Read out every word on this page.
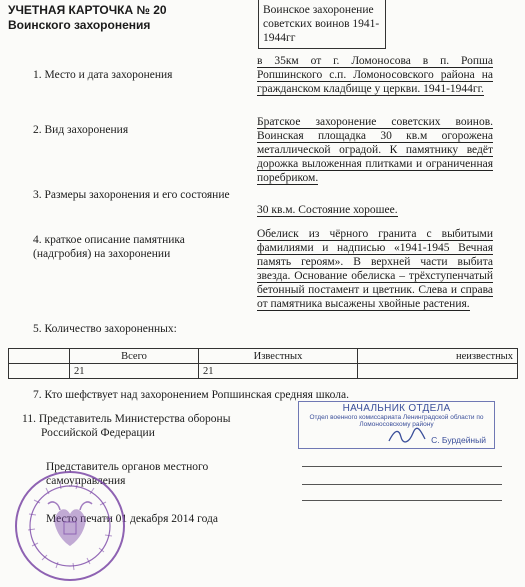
УЧЕТНАЯ КАРТОЧКА № 20
Воинского захоронения
Воинское захоронение советских воинов 1941-1944гг
1. Место и дата захоронения
в 35км от г. Ломоносова в п. Ропша Ропшинского с.п. Ломоносовского района на гражданском кладбище у церкви. 1941-1944гг.
2. Вид захоронения
Братское захоронение советских воинов. Воинская площадка 30 кв.м огорожена металлической оградой. К памятнику ведёт дорожка выложенная плитками и ограниченная поребриком.
3. Размеры захоронения и его состояние
30 кв.м. Состояние хорошее.
4. краткое описание памятника
(надгробия) на захоронении
Обелиск из чёрного гранита с выбитыми фамилиями и надписью «1941-1945 Вечная память героям». В верхней части выбита звезда. Основание обелиска – трёхступенчатый бетонный постамент и цветник. Слева и справа от памятника высажены хвойные растения.
5. Количество захороненных:
	Всего	Известных	неизвестных
	21	21	
7. Кто шефствует над захоронением Ропшинская средняя школа.
11. Представитель Министерства обороны
Российской Федерации
Представитель органов местного
самоуправления
Место печати 01 декабря 2014 года
НАЧАЛЬНИК ОТДЕЛА
Отдел военного комиссариата Ленинградской области по Ломоносовскому району
С. Бурдейный
